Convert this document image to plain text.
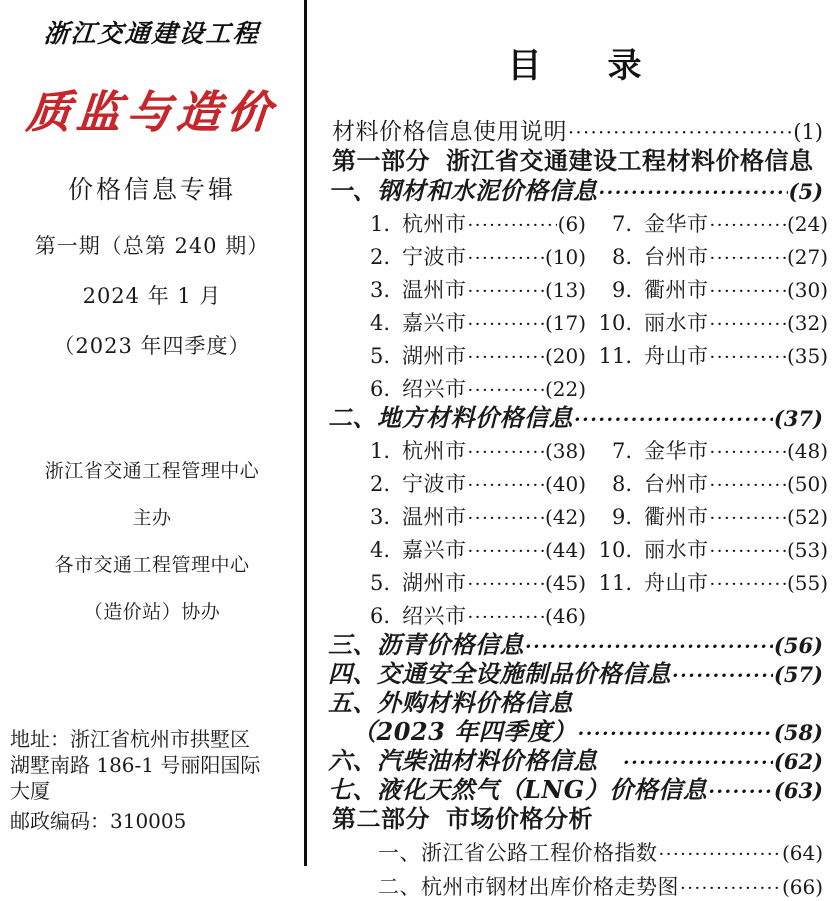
浙江交通建设工程
质监与造价
价格信息专辑
第一期（总第 240 期）
2024 年 1 月
（2023 年四季度）
浙江省交通工程管理中心
主办
各市交通工程管理中心
（造价站）协办
地址：浙江省杭州市拱墅区
湖墅南路 186-1 号丽阳国际
大厦
邮政编码：310005
目　录
材料价格信息使用说明 ·····	(1)
第一部分 浙江省交通建设工程材料价格信息
一、钢材和水泥价格信息 ·····	(5)
1. 杭州市 ·····	(6)	7. 金华市 ·····	(24)
2. 宁波市 ·····	(10)	8. 台州市 ·····	(27)
3. 温州市 ·····	(13)	9. 衢州市 ·····	(30)
4. 嘉兴市 ·····	(17) 10. 丽水市 ·····	(32)
5. 湖州市 ·····	(20) 11. 舟山市 ·····	(35)
6. 绍兴市 ·····	(22)
二、地方材料价格信息 ·····	(37)
1. 杭州市 ·····	(38)	7. 金华市 ·····	(48)
2. 宁波市 ·····	(40)	8. 台州市 ·····	(50)
3. 温州市 ·····	(42)	9. 衢州市 ·····	(52)
4. 嘉兴市 ·····	(44) 10. 丽水市 ·····	(53)
5. 湖州市 ·····	(45) 11. 舟山市 ·····	(55)
6. 绍兴市 ·····	(46)
三、沥青价格信息 ·····	(56)
四、交通安全设施制品价格信息 ·····	(57)
五、外购材料价格信息
（2023 年四季度） ·····	(58)
六、汽柴油材料价格信息　 ·····	(62)
七、液化天然气（LNG）价格信息 ·····	(63)
第二部分 市场价格分析
一、浙江省公路工程价格指数 ·····	(64)
二、杭州市钢材出库价格走势图 ·····	(66)
